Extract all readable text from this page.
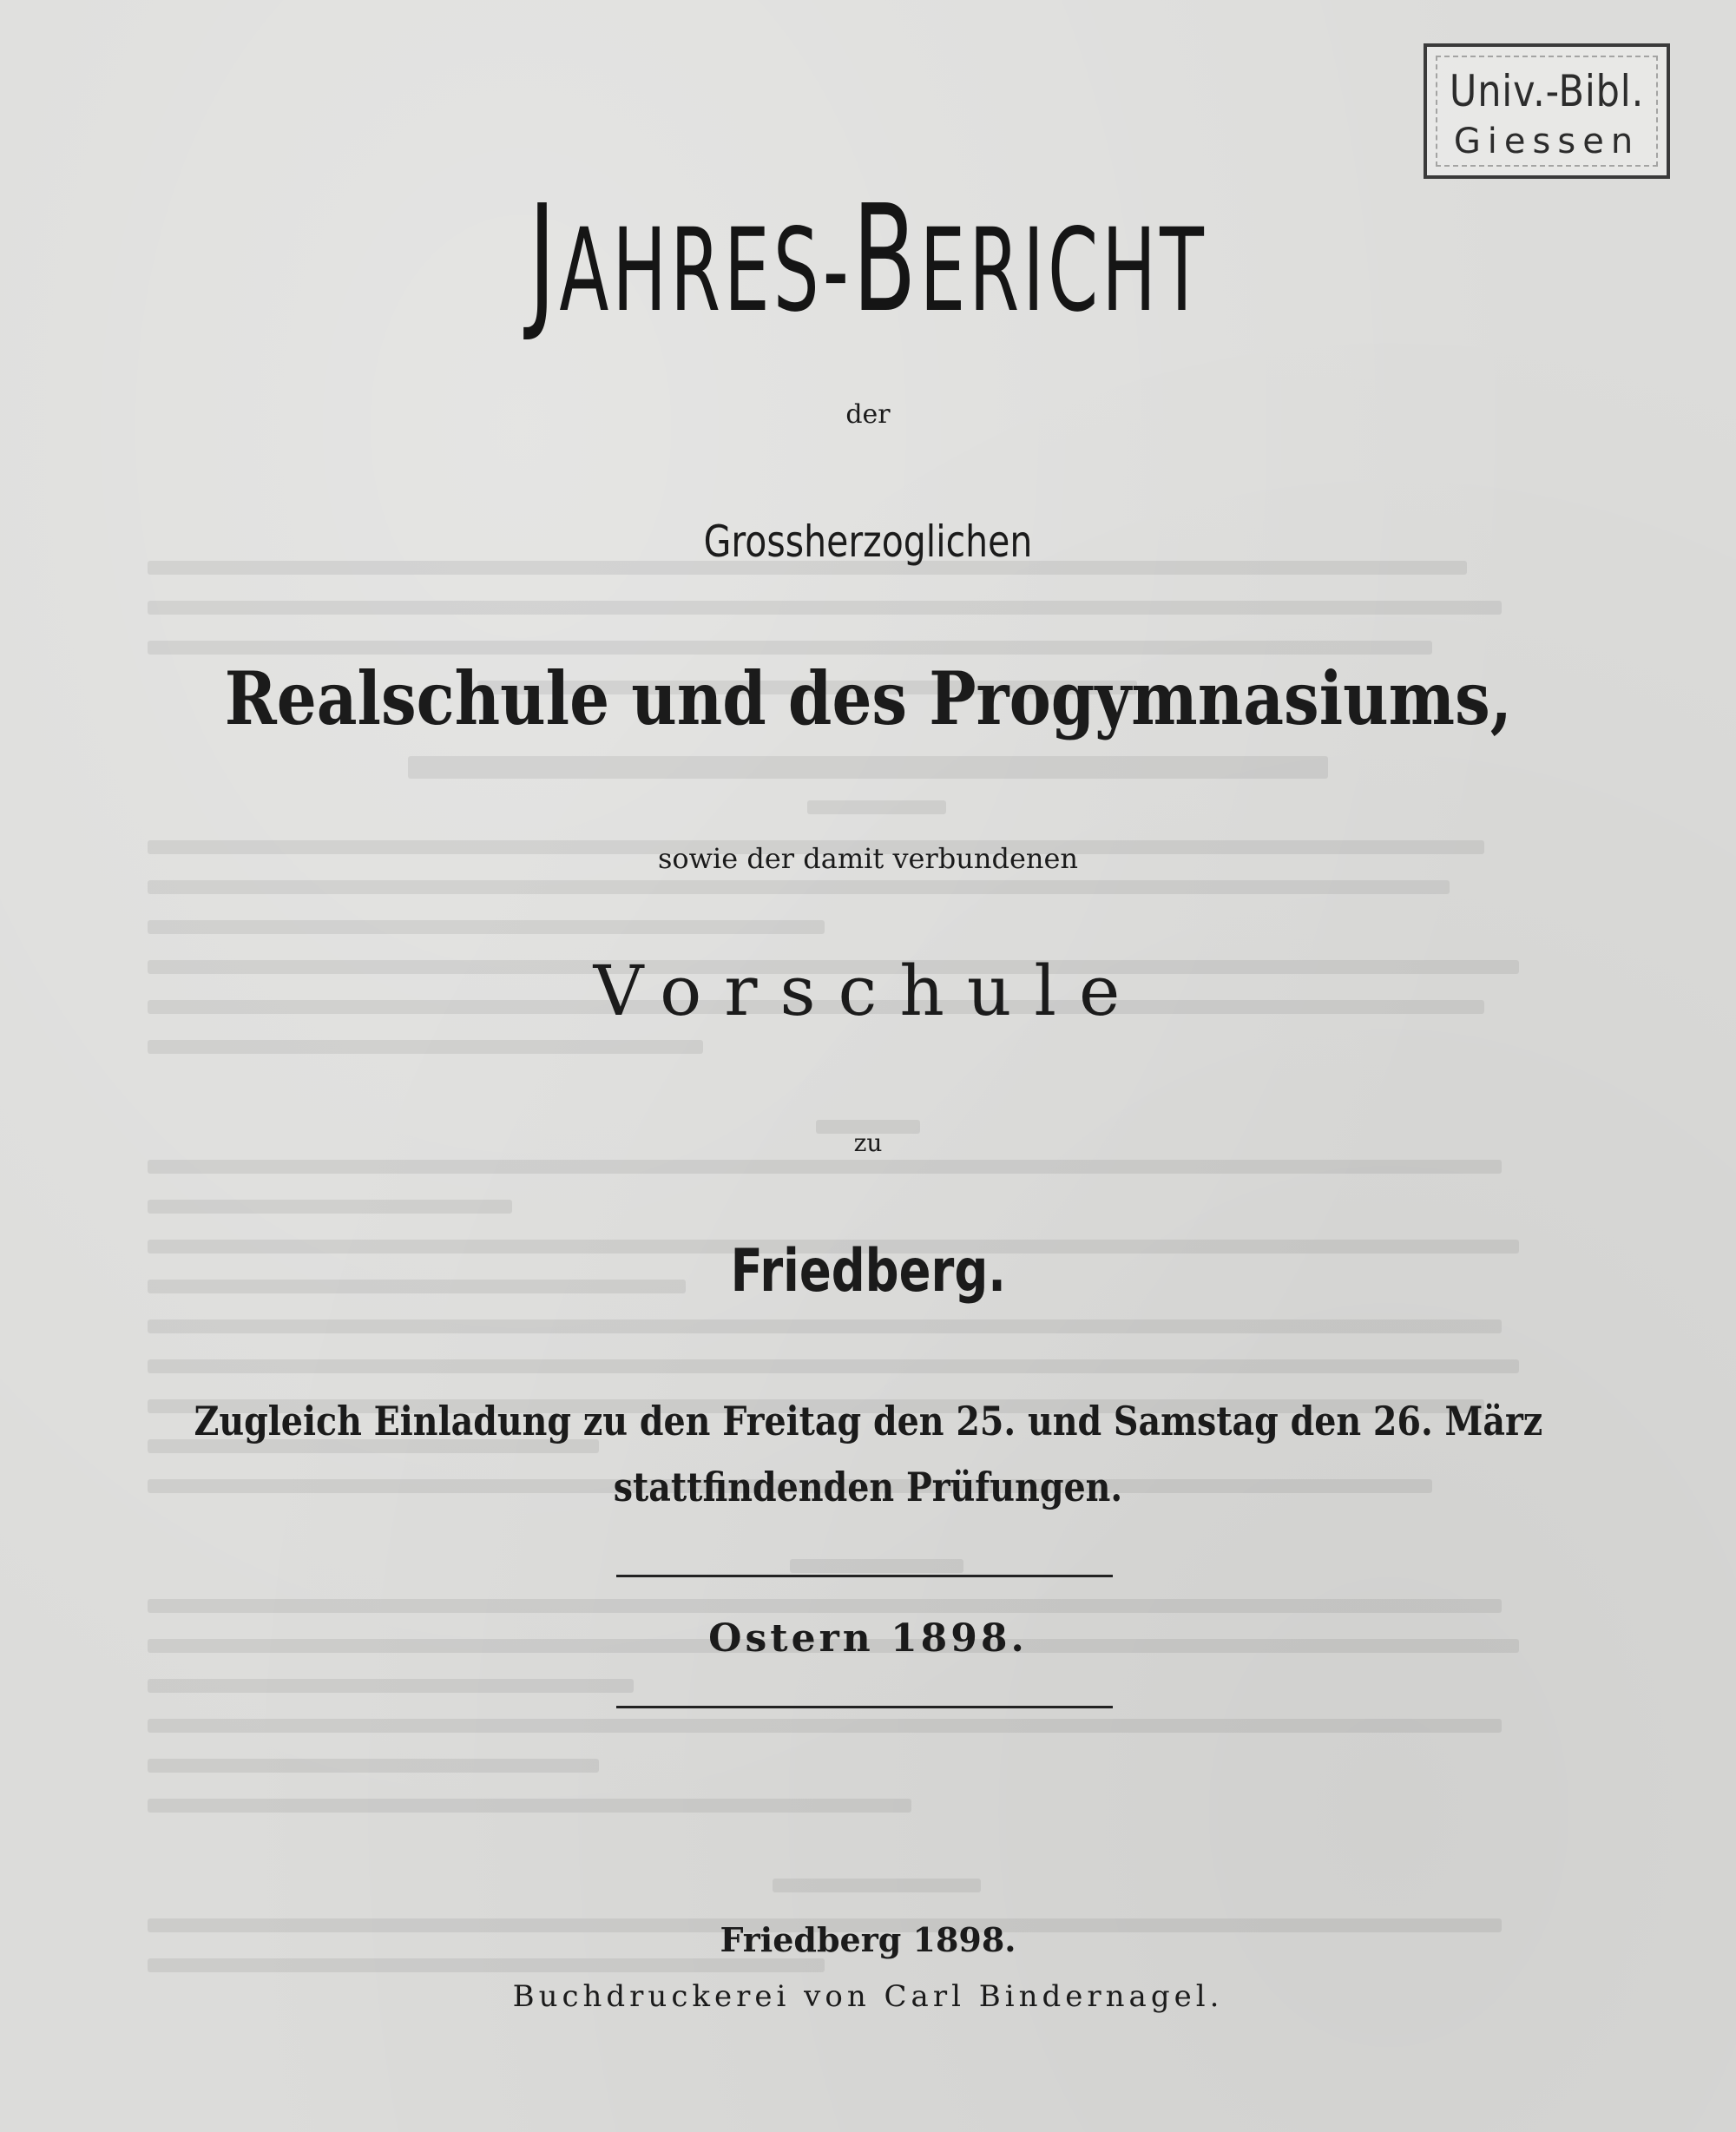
Univ.-Bibl.
Giessen
JAHRES-BERICHT
der
Grossherzoglichen
Realschule und des Progymnasiums,
sowie der damit verbundenen
Vorschule
zu
Friedberg.
Zugleich Einladung zu den Freitag den 25. und Samstag den 26. März
stattfindenden Prüfungen.
Ostern 1898.
Friedberg 1898.
Buchdruckerei von Carl Bindernagel.
